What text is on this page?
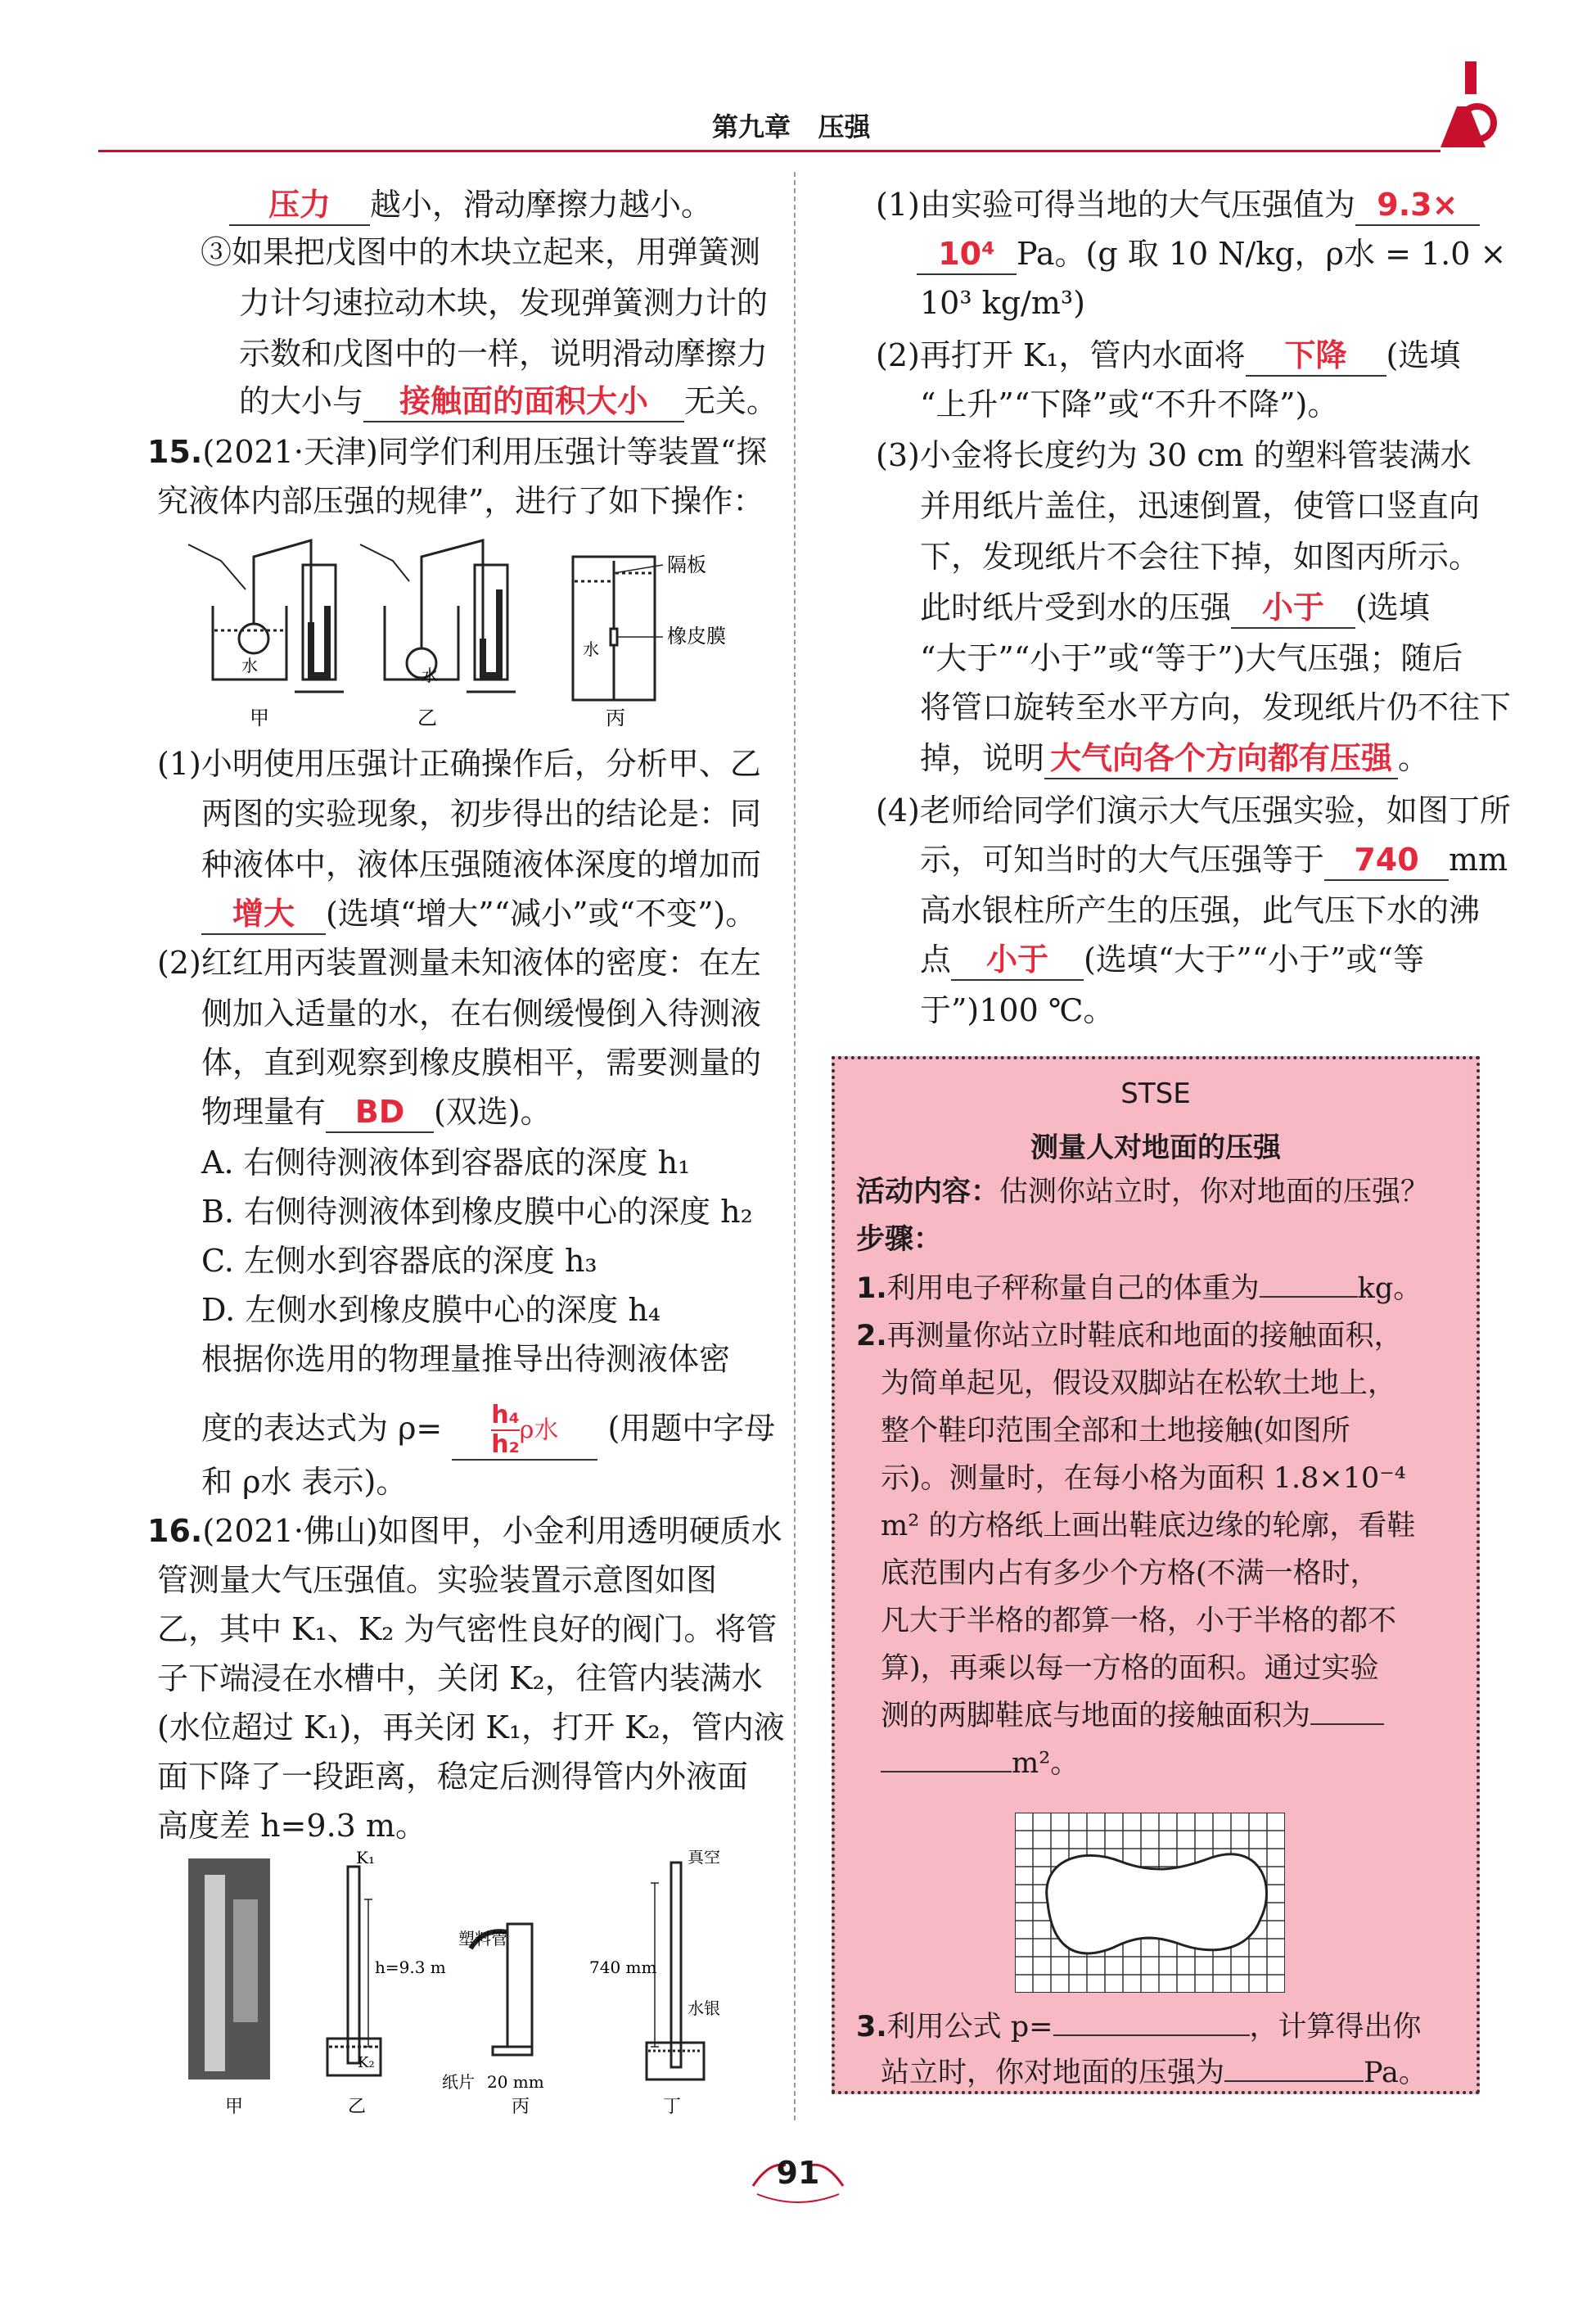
第九章 压强
压力 越小，滑动摩擦力越小。
③如果把戊图中的木块立起来，用弹簧测
力计匀速拉动木块，发现弹簧测力计的
示数和戊图中的一样，说明滑动摩擦力
的大小与 接触面的面积大小 无关。
15.(2021·天津)同学们利用压强计等装置“探
究液体内部压强的规律”，进行了如下操作：
水	水
水
隔板
橡皮膜
甲	乙	丙
(1)小明使用压强计正确操作后，分析甲、乙
两图的实验现象，初步得出的结论是：同
种液体中，液体压强随液体深度的增加而
增大 (选填“增大”“减小”或“不变”)。
(2)红红用丙装置测量未知液体的密度：在左
侧加入适量的水，在右侧缓慢倒入待测液
体，直到观察到橡皮膜相平，需要测量的
物理量有 BD (双选)。
A. 右侧待测液体到容器底的深度 h₁
B. 右侧待测液体到橡皮膜中心的深度 h₂
C. 左侧水到容器底的深度 h₃
D. 左侧水到橡皮膜中心的深度 h₄
根据你选用的物理量推导出待测液体密
度的表达式为 $\rho= \frac{\text{h₄}}{\text{h₂}}$ ρ水 (用题中字母
和 ρ水 表示)。
16.(2021·佛山)如图甲，小金利用透明硬质水
管测量大气压强值。实验装置示意图如图
乙，其中 K₁、K₂ 为气密性良好的阀门。将管
子下端浸在水槽中，关闭 K₂，往管内装满水
(水位超过 K₁)，再关闭 K₁，打开 K₂，管内液
面下降了一段距离，稳定后测得管内外液面
高度差 h=9.3 m。
K₁
K₂
h=9.3 m
塑料管
纸片 20 mm
真空
740 mm
水银
甲	乙	丙	丁
(1)由实验可得当地的大气压强值为 9.3×
10⁴ Pa。(g 取 10 N/kg，ρ水 = 1.0 ×
10³ kg/m³)
(2)再打开 K₁，管内水面将 下降 (选填
“上升”“下降”或“不升不降”)。
(3)小金将长度约为 30 cm 的塑料管装满水
并用纸片盖住，迅速倒置，使管口竖直向
下，发现纸片不会往下掉，如图丙所示。
此时纸片受到水的压强 小于 (选填
“大于”“小于”或“等于”)大气压强；随后
将管口旋转至水平方向，发现纸片仍不往下
掉，说明 大气向各个方向都有压强 。
(4)老师给同学们演示大气压强实验，如图丁所
示，可知当时的大气压强等于 740 mm
高水银柱所产生的压强，此气压下水的沸
点 小于 (选填“大于”“小于”或“等
于”)100 ℃。
STSE
测量人对地面的压强
活动内容：估测你站立时，你对地面的压强？
步骤：
1.利用电子秤称量自己的体重为	kg。
2.再测量你站立时鞋底和地面的接触面积，
为简单起见，假设双脚站在松软土地上，
整个鞋印范围全部和土地接触(如图所
示)。测量时，在每小格为面积 1.8×10⁻⁴
m² 的方格纸上画出鞋底边缘的轮廓，看鞋
底范围内占有多少个方格(不满一格时，
凡大于半格的都算一格，小于半格的都不
算)，再乘以每一方格的面积。通过实验
测的两脚鞋底与地面的接触面积为
m²。
3.利用公式 p=	，计算得出你
站立时，你对地面的压强为	Pa。
91
